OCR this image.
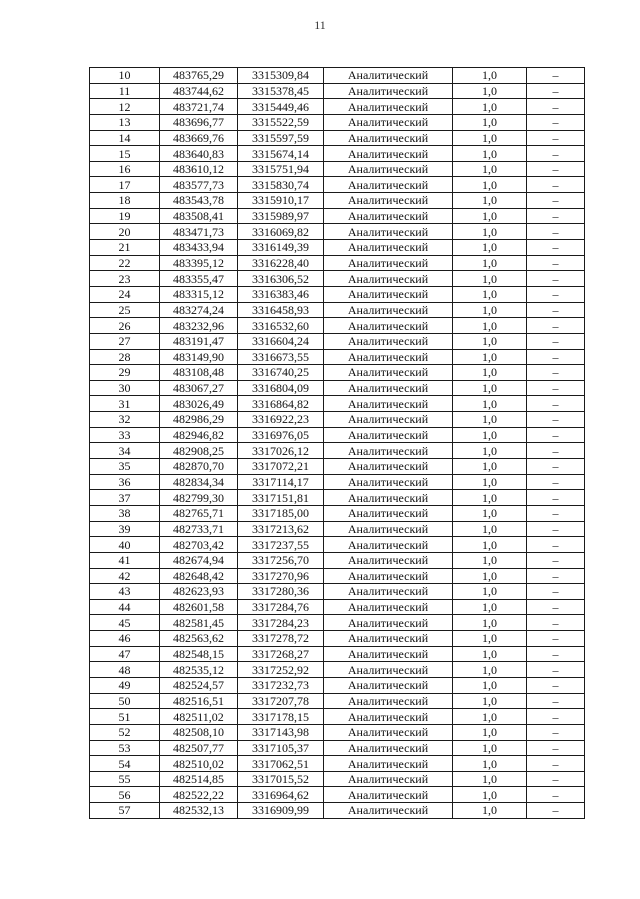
11
10	483765,29	3315309,84	Аналитический	1,0	–
11	483744,62	3315378,45	Аналитический	1,0	–
12	483721,74	3315449,46	Аналитический	1,0	–
13	483696,77	3315522,59	Аналитический	1,0	–
14	483669,76	3315597,59	Аналитический	1,0	–
15	483640,83	3315674,14	Аналитический	1,0	–
16	483610,12	3315751,94	Аналитический	1,0	–
17	483577,73	3315830,74	Аналитический	1,0	–
18	483543,78	3315910,17	Аналитический	1,0	–
19	483508,41	3315989,97	Аналитический	1,0	–
20	483471,73	3316069,82	Аналитический	1,0	–
21	483433,94	3316149,39	Аналитический	1,0	–
22	483395,12	3316228,40	Аналитический	1,0	–
23	483355,47	3316306,52	Аналитический	1,0	–
24	483315,12	3316383,46	Аналитический	1,0	–
25	483274,24	3316458,93	Аналитический	1,0	–
26	483232,96	3316532,60	Аналитический	1,0	–
27	483191,47	3316604,24	Аналитический	1,0	–
28	483149,90	3316673,55	Аналитический	1,0	–
29	483108,48	3316740,25	Аналитический	1,0	–
30	483067,27	3316804,09	Аналитический	1,0	–
31	483026,49	3316864,82	Аналитический	1,0	–
32	482986,29	3316922,23	Аналитический	1,0	–
33	482946,82	3316976,05	Аналитический	1,0	–
34	482908,25	3317026,12	Аналитический	1,0	–
35	482870,70	3317072,21	Аналитический	1,0	–
36	482834,34	3317114,17	Аналитический	1,0	–
37	482799,30	3317151,81	Аналитический	1,0	–
38	482765,71	3317185,00	Аналитический	1,0	–
39	482733,71	3317213,62	Аналитический	1,0	–
40	482703,42	3317237,55	Аналитический	1,0	–
41	482674,94	3317256,70	Аналитический	1,0	–
42	482648,42	3317270,96	Аналитический	1,0	–
43	482623,93	3317280,36	Аналитический	1,0	–
44	482601,58	3317284,76	Аналитический	1,0	–
45	482581,45	3317284,23	Аналитический	1,0	–
46	482563,62	3317278,72	Аналитический	1,0	–
47	482548,15	3317268,27	Аналитический	1,0	–
48	482535,12	3317252,92	Аналитический	1,0	–
49	482524,57	3317232,73	Аналитический	1,0	–
50	482516,51	3317207,78	Аналитический	1,0	–
51	482511,02	3317178,15	Аналитический	1,0	–
52	482508,10	3317143,98	Аналитический	1,0	–
53	482507,77	3317105,37	Аналитический	1,0	–
54	482510,02	3317062,51	Аналитический	1,0	–
55	482514,85	3317015,52	Аналитический	1,0	–
56	482522,22	3316964,62	Аналитический	1,0	–
57	482532,13	3316909,99	Аналитический	1,0	–
